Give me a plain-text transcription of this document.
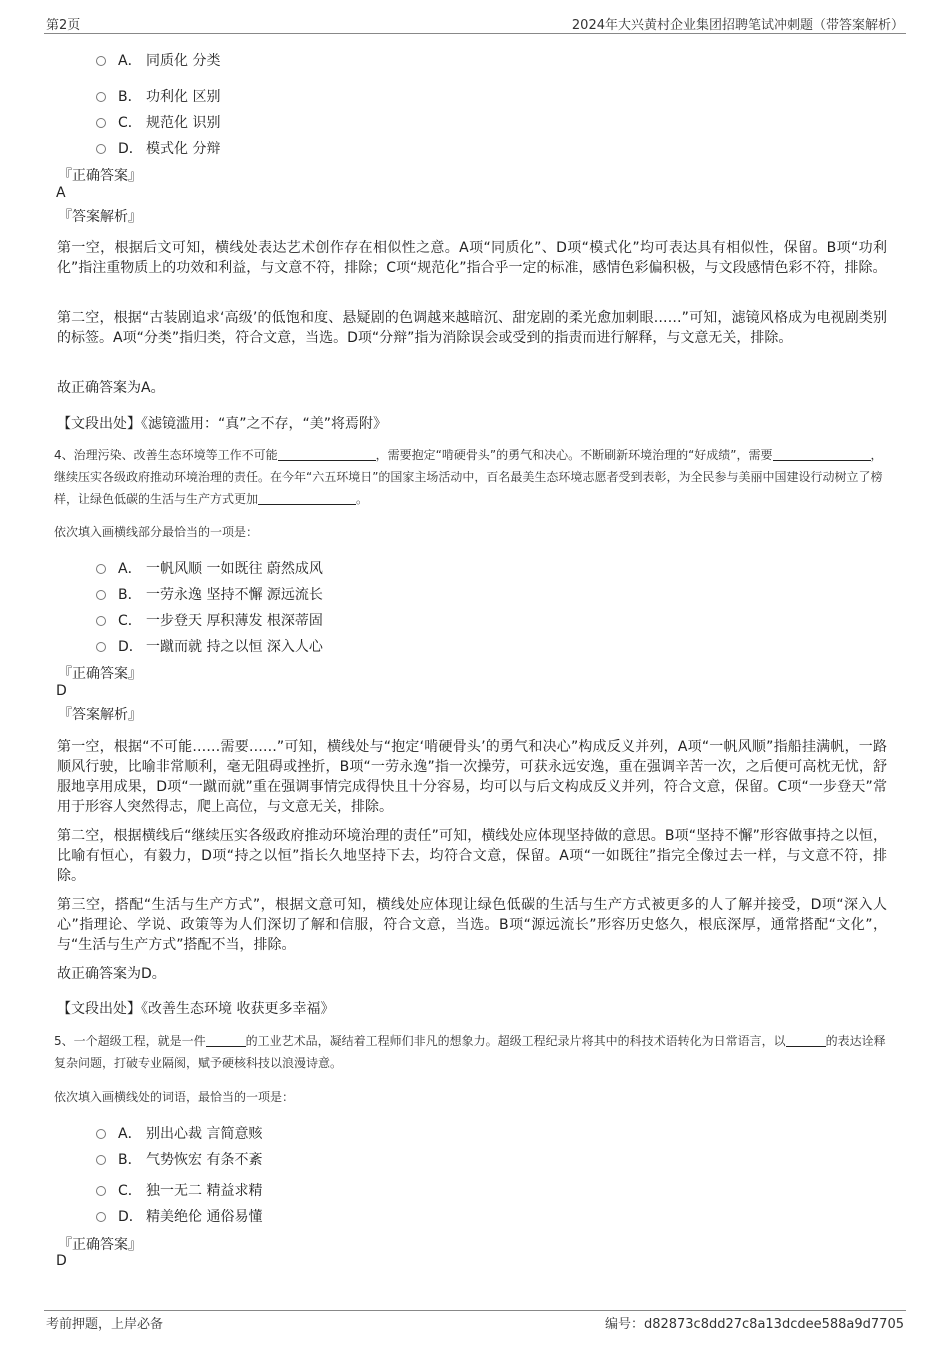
第2页	2024年大兴黄村企业集团招聘笔试冲刺题（带答案解析）
A． 同质化 分类
B． 功利化 区别
C． 规范化 识别
D． 模式化 分辩
『正确答案』
A
『答案解析』
第一空，根据后文可知，横线处表达艺术创作存在相似性之意。A项“同质化”、D项“模式化”均可表达具有相似性，保留。B项“功利化”指注重物质上的功效和利益，与文意不符，排除；C项“规范化”指合乎一定的标准，感情色彩偏积极，与文段感情色彩不符，排除。
第二空，根据“古装剧追求‘高级’的低饱和度、悬疑剧的色调越来越暗沉、甜宠剧的柔光愈加刺眼……”可知，滤镜风格成为电视剧类别的标签。A项“分类”指归类，符合文意，当选。D项“分辩”指为消除误会或受到的指责而进行解释，与文意无关，排除。
故正确答案为A。
【文段出处】《滤镜滥用：“真”之不存，“美”将焉附》
4、治理污染、改善生态环境等工作不可能	，需要抱定“啃硬骨头”的勇气和决心。不断刷新环境治理的“好成绩”，需要	，继续压实各级政府推动环境治理的责任。在今年“六五环境日”的国家主场活动中，百名最美生态环境志愿者受到表彰，为全民参与美丽中国建设行动树立了榜样，让绿色低碳的生活与生产方式更加	。
依次填入画横线部分最恰当的一项是：
A． 一帆风顺 一如既往 蔚然成风
B． 一劳永逸 坚持不懈 源远流长
C． 一步登天 厚积薄发 根深蒂固
D． 一蹴而就 持之以恒 深入人心
『正确答案』
D
『答案解析』
第一空，根据“不可能……需要……”可知，横线处与“抱定‘啃硬骨头’的勇气和决心”构成反义并列，A项“一帆风顺”指船挂满帆，一路顺风行驶，比喻非常顺利，毫无阻碍或挫折，B项“一劳永逸”指一次操劳，可获永远安逸，重在强调辛苦一次，之后便可高枕无忧，舒服地享用成果，D项“一蹴而就”重在强调事情完成得快且十分容易，均可以与后文构成反义并列，符合文意，保留。C项“一步登天”常用于形容人突然得志，爬上高位，与文意无关，排除。
第二空，根据横线后“继续压实各级政府推动环境治理的责任”可知，横线处应体现坚持做的意思。B项“坚持不懈”形容做事持之以恒，比喻有恒心，有毅力，D项“持之以恒”指长久地坚持下去，均符合文意，保留。A项“一如既往”指完全像过去一样，与文意不符，排除。
第三空，搭配“生活与生产方式”，根据文意可知，横线处应体现让绿色低碳的生活与生产方式被更多的人了解并接受，D项“深入人心”指理论、学说、政策等为人们深切了解和信服，符合文意，当选。B项“源远流长”形容历史悠久，根底深厚，通常搭配“文化”，与“生活与生产方式”搭配不当，排除。
故正确答案为D。
【文段出处】《改善生态环境 收获更多幸福》
5、一个超级工程，就是一件	的工业艺术品，凝结着工程师们非凡的想象力。超级工程纪录片将其中的科技术语转化为日常语言，以	的表达诠释复杂问题，打破专业隔阂，赋予硬核科技以浪漫诗意。
依次填入画横线处的词语，最恰当的一项是：
A． 别出心裁 言简意赅
B． 气势恢宏 有条不紊
C． 独一无二 精益求精
D． 精美绝伦 通俗易懂
『正确答案』
D
考前押题，上岸必备	编号：d82873c8dd27c8a13dcdee588a9d7705
